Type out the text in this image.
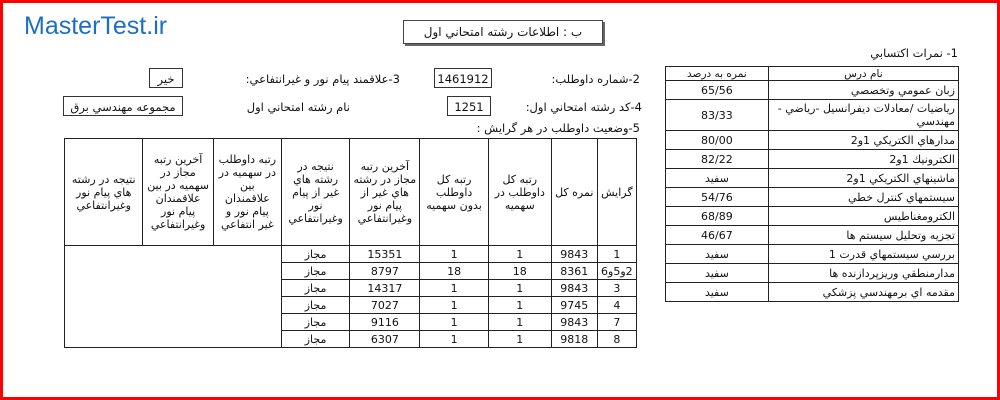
MasterTest.ir	ب : اطلاعات رشته امتحاني اول
1- نمرات اكتسابي
نام درس	نمره به درصد
زبان عمومي وتخصصي	65/56
رياضيات /معادلات ديفرانسيل -رياضي - مهندسي	83/33
مدارهاي الكتريكي 1و2	80/00
الكترونيك 1و2	82/22
ماشينهاي الكتريكي 1و2	سفيد
سيستمهاي كنترل خطي	54/76
الكترومغناطيس	68/89
تجزيه وتحليل سيستم ها	46/67
بررسي سيستمهاي قدرت 1	سفيد
مدارمنطقي وريزپردازنده ها	سفيد
مقدمه اي برمهندسي پزشكي	سفيد
2-شماره داوطلب:
1461912
3-علاقمند پيام نور و غيرانتفاعي:
خير
4-كد رشته امتحاني اول:
1251
نام رشته امتحاني اول
مجموعه مهندسي برق
5-وضعيت داوطلب در هر گرايش :
گرايش	نمره كل	رتبه كل داوطلب در سهميه	رتبه كل داوطلب بدون سهميه	آخرين رتبه مجاز در رشته هاي غير از پيام نور وغيرانتفاعي	نتيجه در رشته هاي غير از پيام نور وغيرانتفاعي	رتبه داوطلب در سهميه در بين علاقمندان پيام نور و غير انتفاعي	آخرين رتبه مجاز در سهميه در بين علاقمندان پيام نور وغيرانتفاعي	نتيجه در رشته هاي پيام نور وغيرانتفاعي
1	9843	1	1	15351	مجاز			
2و5و6	8361	18	18	8797	مجاز			
3	9843	1	1	14317	مجاز			
4	9745	1	1	7027	مجاز			
7	9843	1	1	9116	مجاز			
8	9818	1	1	6307	مجاز			
